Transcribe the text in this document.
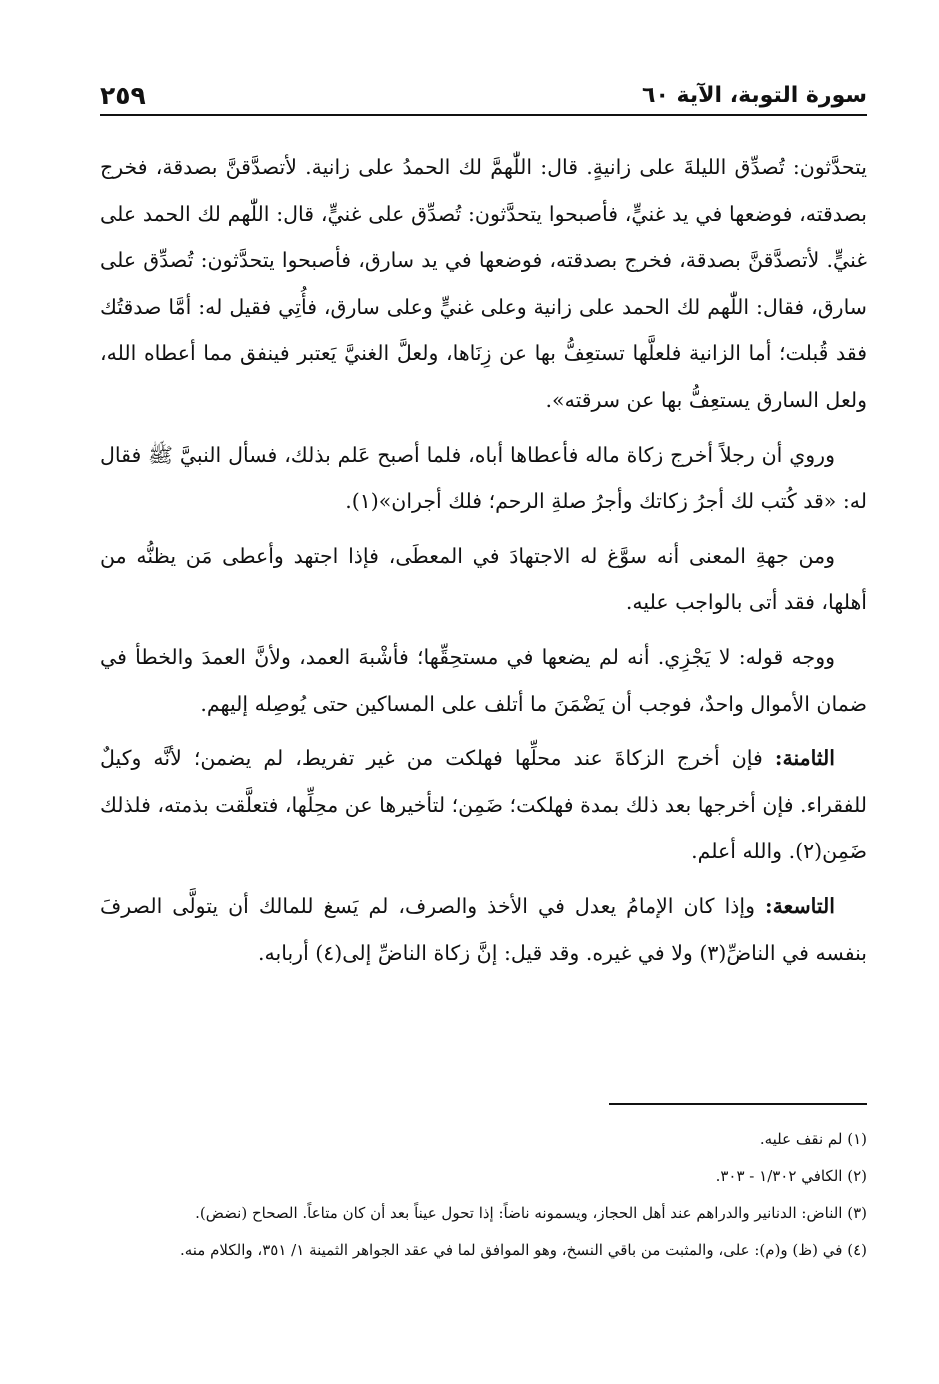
سورة التوبة، الآية ٦٠
٢٥٩

يتحدَّثون: تُصدِّق الليلةَ على زانيةٍ. قال: اللّٰهمَّ لك الحمدُ على زانية. لأتصدَّقنَّ بصدقة، فخرج بصدقته، فوضعها في يد غنيٍّ، فأصبحوا يتحدَّثون: تُصدِّق على غنيٍّ، قال: اللّٰهم لك الحمد على غنيٍّ. لأتصدَّقنَّ بصدقة، فخرج بصدقته، فوضعها في يد سارق، فأصبحوا يتحدَّثون: تُصدِّق على سارق، فقال: اللّٰهم لك الحمد على زانية وعلى غنيٍّ وعلى سارق، فأُتِي فقيل له: أمَّا صدقتُك فقد قُبلت؛ أما الزانية فلعلَّها تستعِفُّ بها عن زِنَاها، ولعلَّ الغنيَّ يَعتبر فينفق مما أعطاه الله، ولعل السارق يستعِفُّ بها عن سرقته».

وروي أن رجلاً أخرج زكاة ماله فأعطاها أباه، فلما أصبح عَلم بذلك، فسأل النبيَّ ﷺ فقال له: «قد كُتب لك أجرُ زكاتك وأجرُ صلةِ الرحم؛ فلك أجران»(١).

ومن جهةِ المعنى أنه سوَّغ له الاجتهادَ في المعطَى، فإذا اجتهد وأعطى مَن يظنُّه من أهلها، فقد أتى بالواجب عليه.

ووجه قوله: لا يَجْزِي. أنه لم يضعها في مستحِقِّها؛ فأشْبهَ العمد، ولأنَّ العمدَ والخطأ في ضمان الأموال واحدٌ، فوجب أن يَضْمَنَ ما أتلف على المساكين حتى يُوصِله إليهم.

الثامنة: فإن أخرج الزكاةَ عند محلِّها فهلكت من غير تفريط، لم يضمن؛ لأنَّه وكيلٌ للفقراء. فإن أخرجها بعد ذلك بمدة فهلكت؛ ضَمِن؛ لتأخيرها عن محِلِّها، فتعلَّقت بذمته، فلذلك ضَمِن(٢). والله أعلم.

التاسعة: وإذا كان الإمامُ يعدل في الأخذ والصرف، لم يَسغ للمالك أن يتولَّى الصرفَ بنفسه في الناضِّ(٣) ولا في غيره. وقد قيل: إنَّ زكاة الناضِّ إلى(٤) أربابه.

(١) لم نقف عليه.

(٢) الكافي ١/٣٠٢ - ٣٠٣.

(٣) الناض: الدنانير والدراهم عند أهل الحجاز، ويسمونه ناضاً: إذا تحول عيناً بعد أن كان متاعاً. الصحاح (نضض).

(٤) في (ظ) و(م): على، والمثبت من باقي النسخ، وهو الموافق لما في عقد الجواهر الثمينة ١/ ٣٥١، والكلام منه.
